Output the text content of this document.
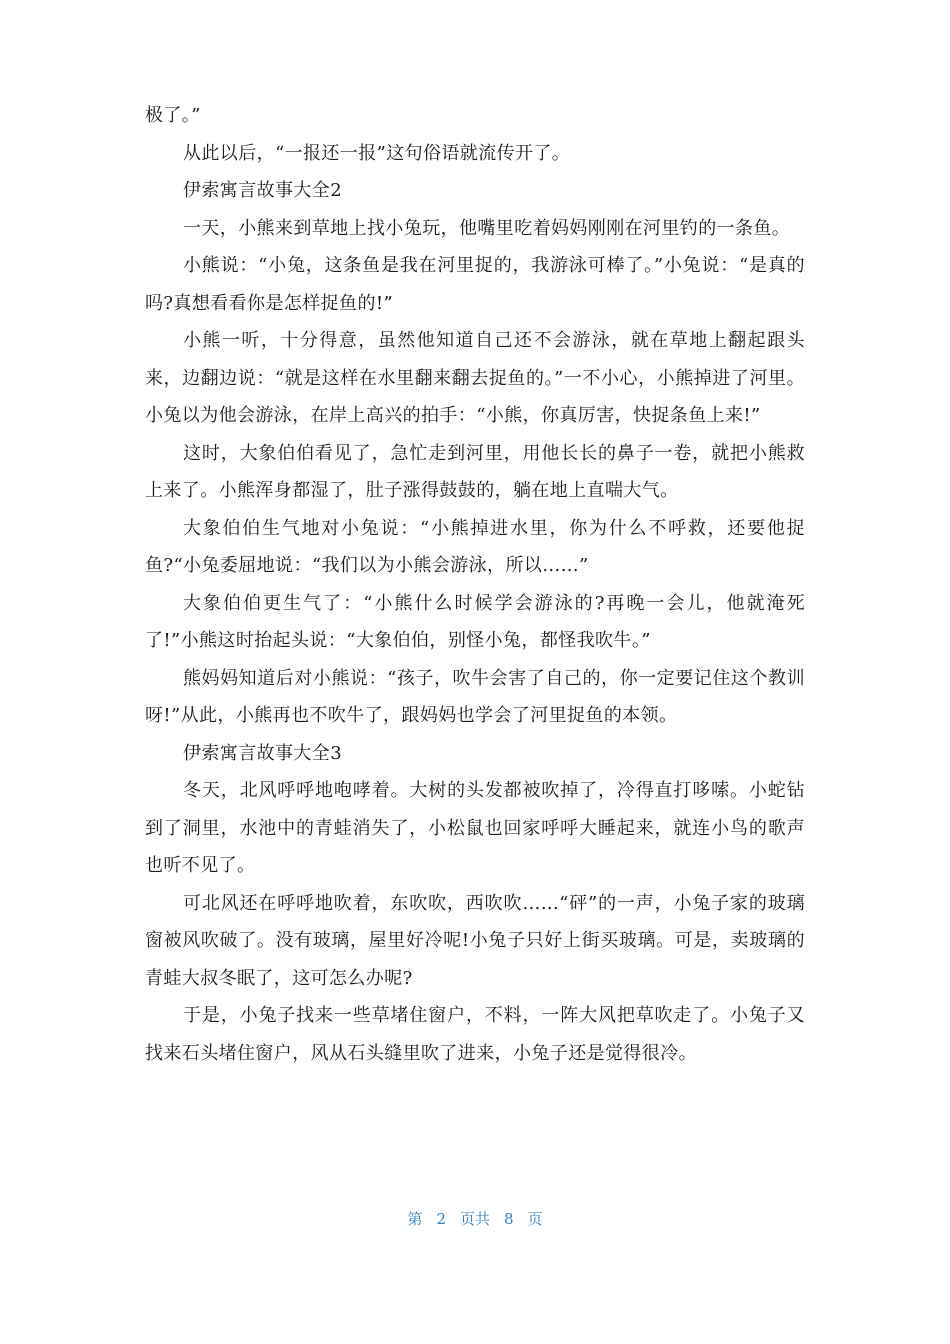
极了。”

从此以后，“一报还一报”这句俗语就流传开了。

伊索寓言故事大全2

一天，小熊来到草地上找小兔玩，他嘴里吃着妈妈刚刚在河里钓的一条鱼。

小熊说：“小兔，这条鱼是我在河里捉的，我游泳可棒了。”小兔说：“是真的吗?真想看看你是怎样捉鱼的!”

小熊一听，十分得意，虽然他知道自己还不会游泳，就在草地上翻起跟头来，边翻边说：“就是这样在水里翻来翻去捉鱼的。”一不小心，小熊掉进了河里。小兔以为他会游泳，在岸上高兴的拍手：“小熊，你真厉害，快捉条鱼上来!”

这时，大象伯伯看见了，急忙走到河里，用他长长的鼻子一卷，就把小熊救上来了。小熊浑身都湿了，肚子涨得鼓鼓的，躺在地上直喘大气。

大象伯伯生气地对小兔说：“小熊掉进水里，你为什么不呼救，还要他捉鱼?“小兔委屈地说：“我们以为小熊会游泳，所以……”

大象伯伯更生气了：“小熊什么时候学会游泳的?再晚一会儿，他就淹死了!”小熊这时抬起头说：“大象伯伯，别怪小兔，都怪我吹牛。”

熊妈妈知道后对小熊说：“孩子，吹牛会害了自己的，你一定要记住这个教训呀!”从此，小熊再也不吹牛了，跟妈妈也学会了河里捉鱼的本领。

伊索寓言故事大全3

冬天，北风呼呼地咆哮着。大树的头发都被吹掉了，冷得直打哆嗦。小蛇钻到了洞里，水池中的青蛙消失了，小松鼠也回家呼呼大睡起来，就连小鸟的歌声也听不见了。

可北风还在呼呼地吹着，东吹吹，西吹吹……“砰”的一声，小兔子家的玻璃窗被风吹破了。没有玻璃，屋里好冷呢!小兔子只好上街买玻璃。可是，卖玻璃的青蛙大叔冬眠了，这可怎么办呢?

于是，小兔子找来一些草堵住窗户，不料，一阵大风把草吹走了。小兔子又找来石头堵住窗户，风从石头缝里吹了进来，小兔子还是觉得很冷。

第 2 页共 8 页
